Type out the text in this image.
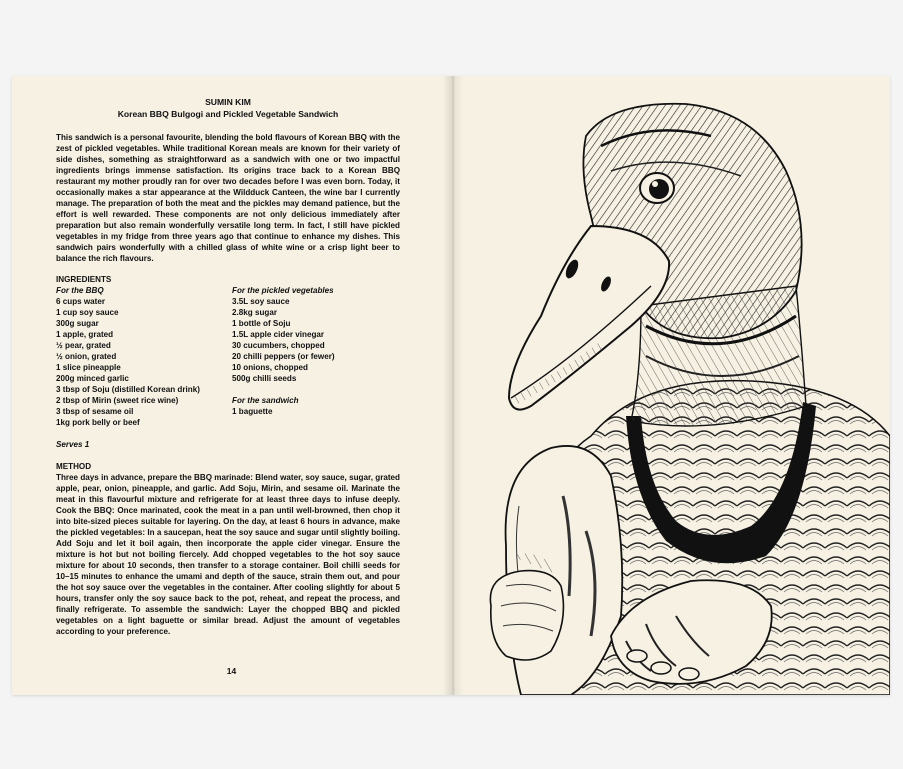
SUMIN KIM
Korean BBQ Bulgogi and Pickled Vegetable Sandwich

This sandwich is a personal favourite, blending the bold flavours of Korean BBQ with the zest of pickled vegetables. While traditional Korean meals are known for their variety of side dishes, something as straightforward as a sandwich with one or two impactful ingredients brings immense satisfaction. Its origins trace back to a Korean BBQ restaurant my mother proudly ran for over two decades before I was even born. Today, it occasionally makes a star appearance at the Wildduck Canteen, the wine bar I currently manage. The preparation of both the meat and the pickles may demand patience, but the effort is well rewarded. These components are not only delicious immediately after preparation but also remain wonderfully versatile long term. In fact, I still have pickled vegetables in my fridge from three years ago that continue to enhance my dishes. This sandwich pairs wonderfully with a chilled glass of white wine or a crisp light beer to balance the rich flavours.

INGREDIENTS
For the BBQ
6 cups water
1 cup soy sauce
300g sugar
1 apple, grated
½ pear, grated
½ onion, grated
1 slice pineapple
200g minced garlic
3 tbsp of Soju (distilled Korean drink)
2 tbsp of Mirin (sweet rice wine)
3 tbsp of sesame oil
1kg pork belly or beef
For the pickled vegetables
3.5L soy sauce
2.8kg sugar
1 bottle of Soju
1.5L apple cider vinegar
30 cucumbers, chopped
20 chilli peppers (or fewer)
10 onions, chopped
500g chilli seeds
For the sandwich
1 baguette
Serves 1
METHOD

Three days in advance, prepare the BBQ marinade: Blend water, soy sauce, sugar, grated apple, pear, onion, pineapple, and garlic. Add Soju, Mirin, and sesame oil. Marinate the meat in this flavourful mixture and refrigerate for at least three days to infuse deeply. Cook the BBQ: Once marinated, cook the meat in a pan until well-browned, then chop it into bite-sized pieces suitable for layering. On the day, at least 6 hours in advance, make the pickled vegetables: In a saucepan, heat the soy sauce and sugar until slightly boiling. Add Soju and let it boil again, then incorporate the apple cider vinegar. Ensure the mixture is hot but not boiling fiercely. Add chopped vegetables to the hot soy sauce mixture for about 10 seconds, then transfer to a storage container. Boil chilli seeds for 10–15 minutes to enhance the umami and depth of the sauce, strain them out, and pour the hot soy sauce over the vegetables in the container. After cooling slightly for about 5 hours, transfer only the soy sauce back to the pot, reheat, and repeat the process, and finally refrigerate. To assemble the sandwich: Layer the chopped BBQ and pickled vegetables on a light baguette or similar bread. Adjust the amount of vegetables according to your preference.

14
